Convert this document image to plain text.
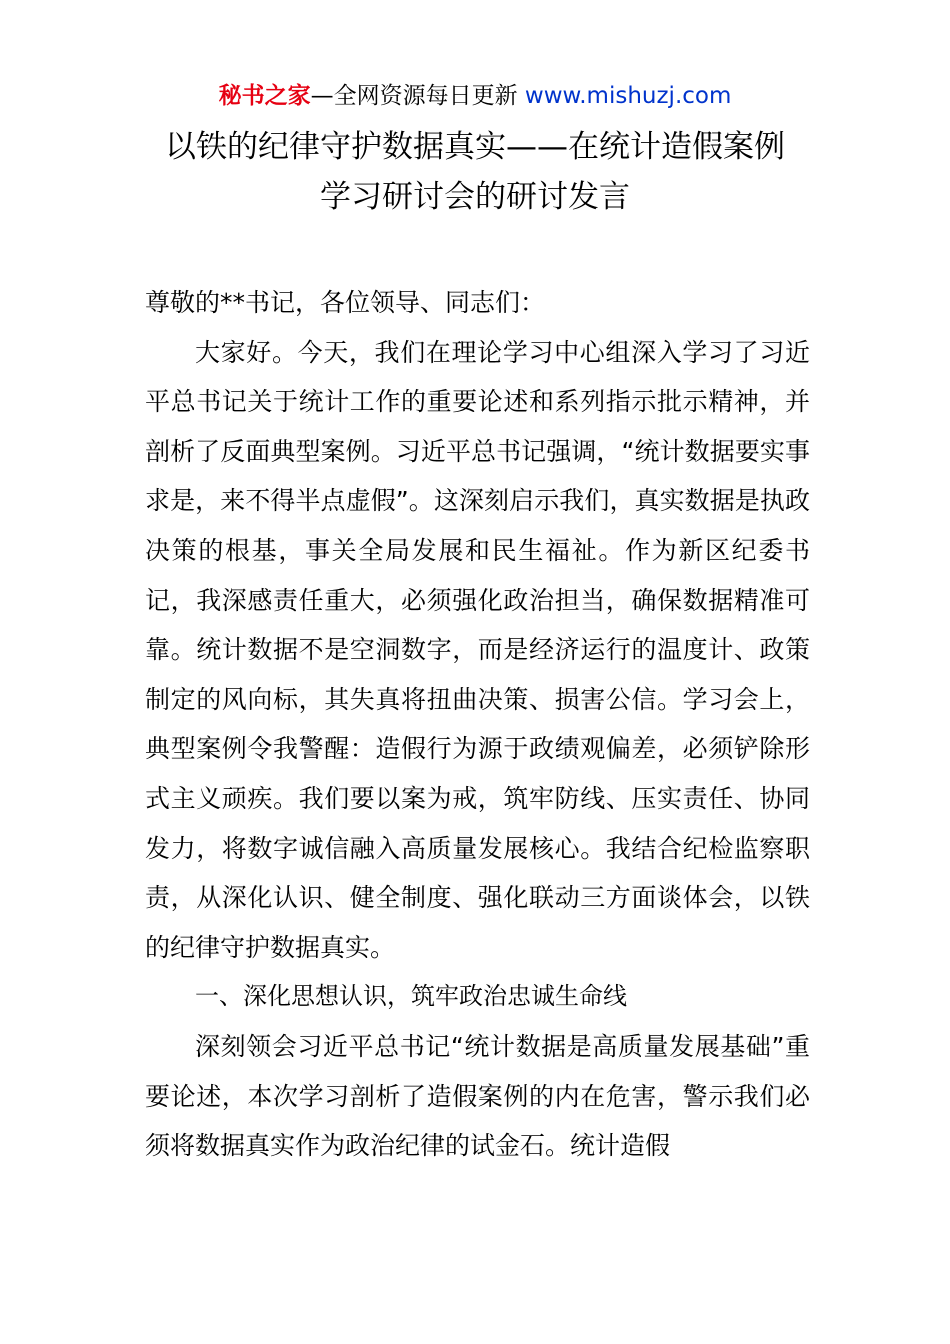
秘书之家—全网资源每日更新 www.mishuzj.com
以铁的纪律守护数据真实——在统计造假案例
学习研讨会的研讨发言

尊敬的**书记，各位领导、同志们：

大家好。今天，我们在理论学习中心组深入学习了习近平总书记关于统计工作的重要论述和系列指示批示精神，并剖析了反面典型案例。习近平总书记强调，“统计数据要实事求是，来不得半点虚假”。这深刻启示我们，真实数据是执政决策的根基，事关全局发展和民生福祉。作为新区纪委书记，我深感责任重大，必须强化政治担当，确保数据精准可靠。统计数据不是空洞数字，而是经济运行的温度计、政策制定的风向标，其失真将扭曲决策、损害公信。学习会上，典型案例令我警醒：造假行为源于政绩观偏差，必须铲除形式主义顽疾。我们要以案为戒，筑牢防线、压实责任、协同发力，将数字诚信融入高质量发展核心。我结合纪检监察职责，从深化认识、健全制度、强化联动三方面谈体会，以铁的纪律守护数据真实。

一、深化思想认识，筑牢政治忠诚生命线

深刻领会习近平总书记“统计数据是高质量发展基础”重要论述，本次学习剖析了造假案例的内在危害，警示我们必须将数据真实作为政治纪律的试金石。统计造假
